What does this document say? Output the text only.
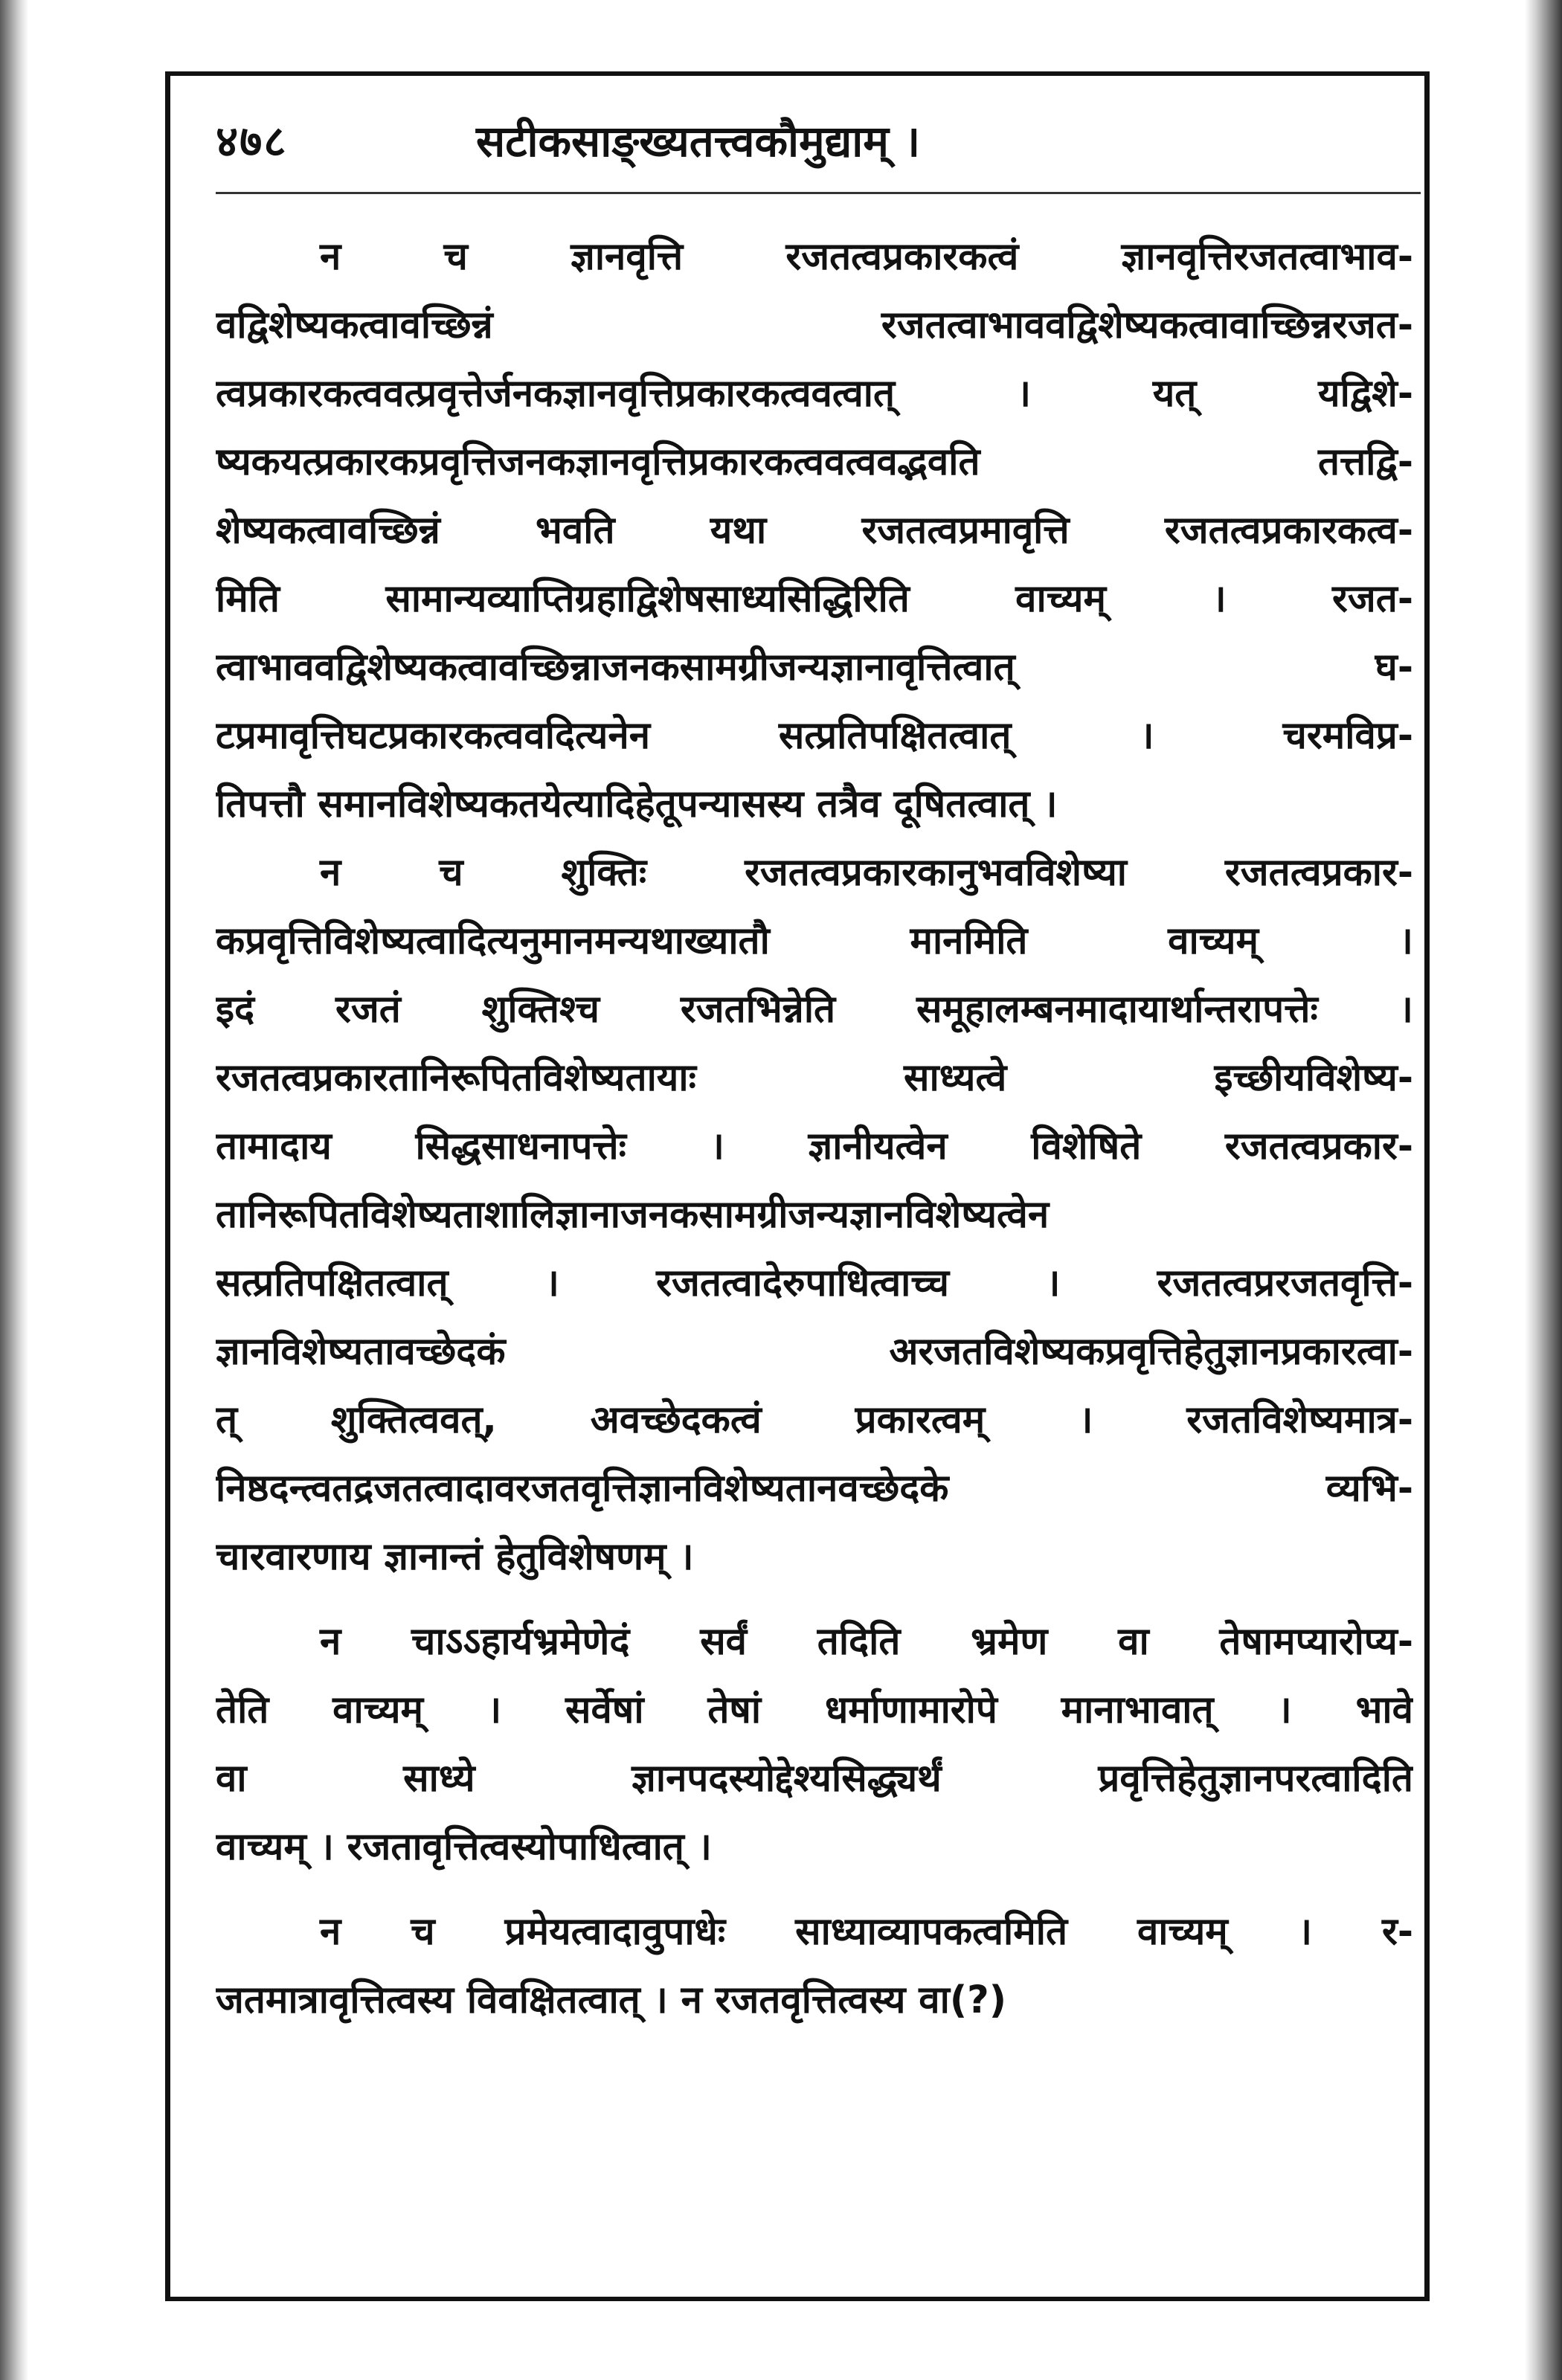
४७८	सटीकसाङ्ख्यतत्त्वकौमुद्याम् ।
न च ज्ञानवृत्ति रजतत्वप्रकारकत्वं ज्ञानवृत्तिरजतत्वाभाव-
वद्विशेष्यकत्वावच्छिन्नं रजतत्वाभाववद्विशेष्यकत्वावाच्छिन्नरजत-
त्वप्रकारकत्ववत्प्रवृत्तेर्जनकज्ञानवृत्तिप्रकारकत्ववत्वात् । यत् यद्विशे-
ष्यकयत्प्रकारकप्रवृत्तिजनकज्ञानवृत्तिप्रकारकत्ववत्ववद्भवति तत्तद्वि-
शेष्यकत्वावच्छिन्नं भवति यथा रजतत्वप्रमावृत्ति रजतत्वप्रकारकत्व-
मिति सामान्यव्याप्तिग्रहाद्विशेषसाध्यसिद्धिरिति वाच्यम् । रजत-
त्वाभाववद्विशेष्यकत्वावच्छिन्नाजनकसामग्रीजन्यज्ञानावृत्तित्वात् घ-
टप्रमावृत्तिघटप्रकारकत्ववदित्यनेन सत्प्रतिपक्षितत्वात् । चरमविप्र-
तिपत्तौ समानविशेष्यकतयेत्यादिहेतूपन्यासस्य तत्रैव दूषितत्वात् ।
न च शुक्तिः रजतत्वप्रकारकानुभवविशेष्या रजतत्वप्रकार-
कप्रवृत्तिविशेष्यत्वादित्यनुमानमन्यथाख्यातौ मानमिति वाच्यम् ।
इदं रजतं शुक्तिश्च रजतभिन्नेति समूहालम्बनमादायार्थान्तरापत्तेः ।
रजतत्वप्रकारतानिरूपितविशेष्यतायाः साध्यत्वे इच्छीयविशेष्य-
तामादाय सिद्धसाधनापत्तेः । ज्ञानीयत्वेन विशेषिते रजतत्वप्रकार-
तानिरूपितविशेष्यताशालिज्ञानाजनकसामग्रीजन्यज्ञानविशेष्यत्वेन
सत्प्रतिपक्षितत्वात् । रजतत्वादेरुपाधित्वाच्च । रजतत्वप्ररजतवृत्ति-
ज्ञानविशेष्यतावच्छेदकं अरजतविशेष्यकप्रवृत्तिहेतुज्ञानप्रकारत्वा-
त् शुक्तित्ववत्, अवच्छेदकत्वं प्रकारत्वम् । रजतविशेष्यमात्र-
निष्ठदन्त्वतद्रजतत्वादावरजतवृत्तिज्ञानविशेष्यतानवच्छेदके व्यभि-
चारवारणाय ज्ञानान्तं हेतुविशेषणम् ।
न चाऽऽहार्यभ्रमेणेदं सर्वं तदिति भ्रमेण वा तेषामप्यारोप्य-
तेति वाच्यम् । सर्वेषां तेषां धर्माणामारोपे मानाभावात् । भावे
वा साध्ये ज्ञानपदस्योद्देश्यसिद्ध्यर्थं प्रवृत्तिहेतुज्ञानपरत्वादिति
वाच्यम् । रजतावृत्तित्वस्योपाधित्वात् ।
न च प्रमेयत्वादावुपाधेः साध्याव्यापकत्वमिति वाच्यम् । र-
जतमात्रावृत्तित्वस्य विवक्षितत्वात् । न रजतवृत्तित्वस्य वा(?)
